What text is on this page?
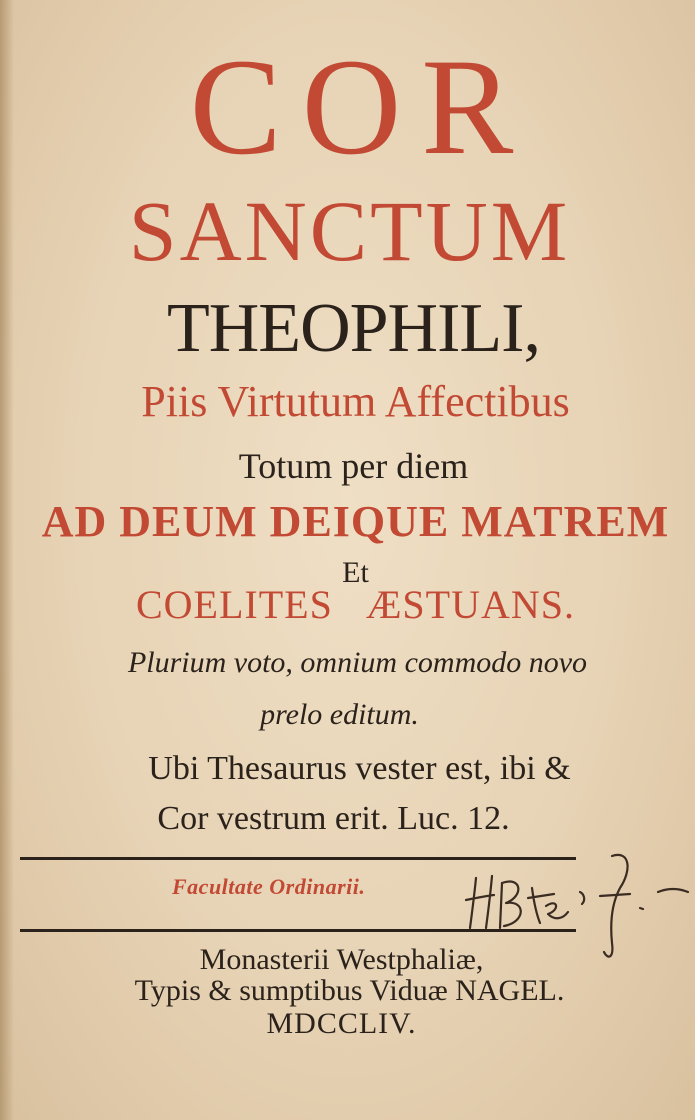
COR
SANCTUM
THEOPHILI,
Piis Virtutum Affectibus
Totum per diem
AD DEUM DEIQUE MATREM
Et
COELITES ÆSTUANS.
Plurium voto, omnium commodo novo
prelo editum.
Ubi Thesaurus vester est, ibi &
Cor vestrum erit. Luc. 12.
Facultate Ordinarii.
Monasterii Westphaliæ,
Typis & sumptibus Viduæ NAGEL.
MDCCLIV.
